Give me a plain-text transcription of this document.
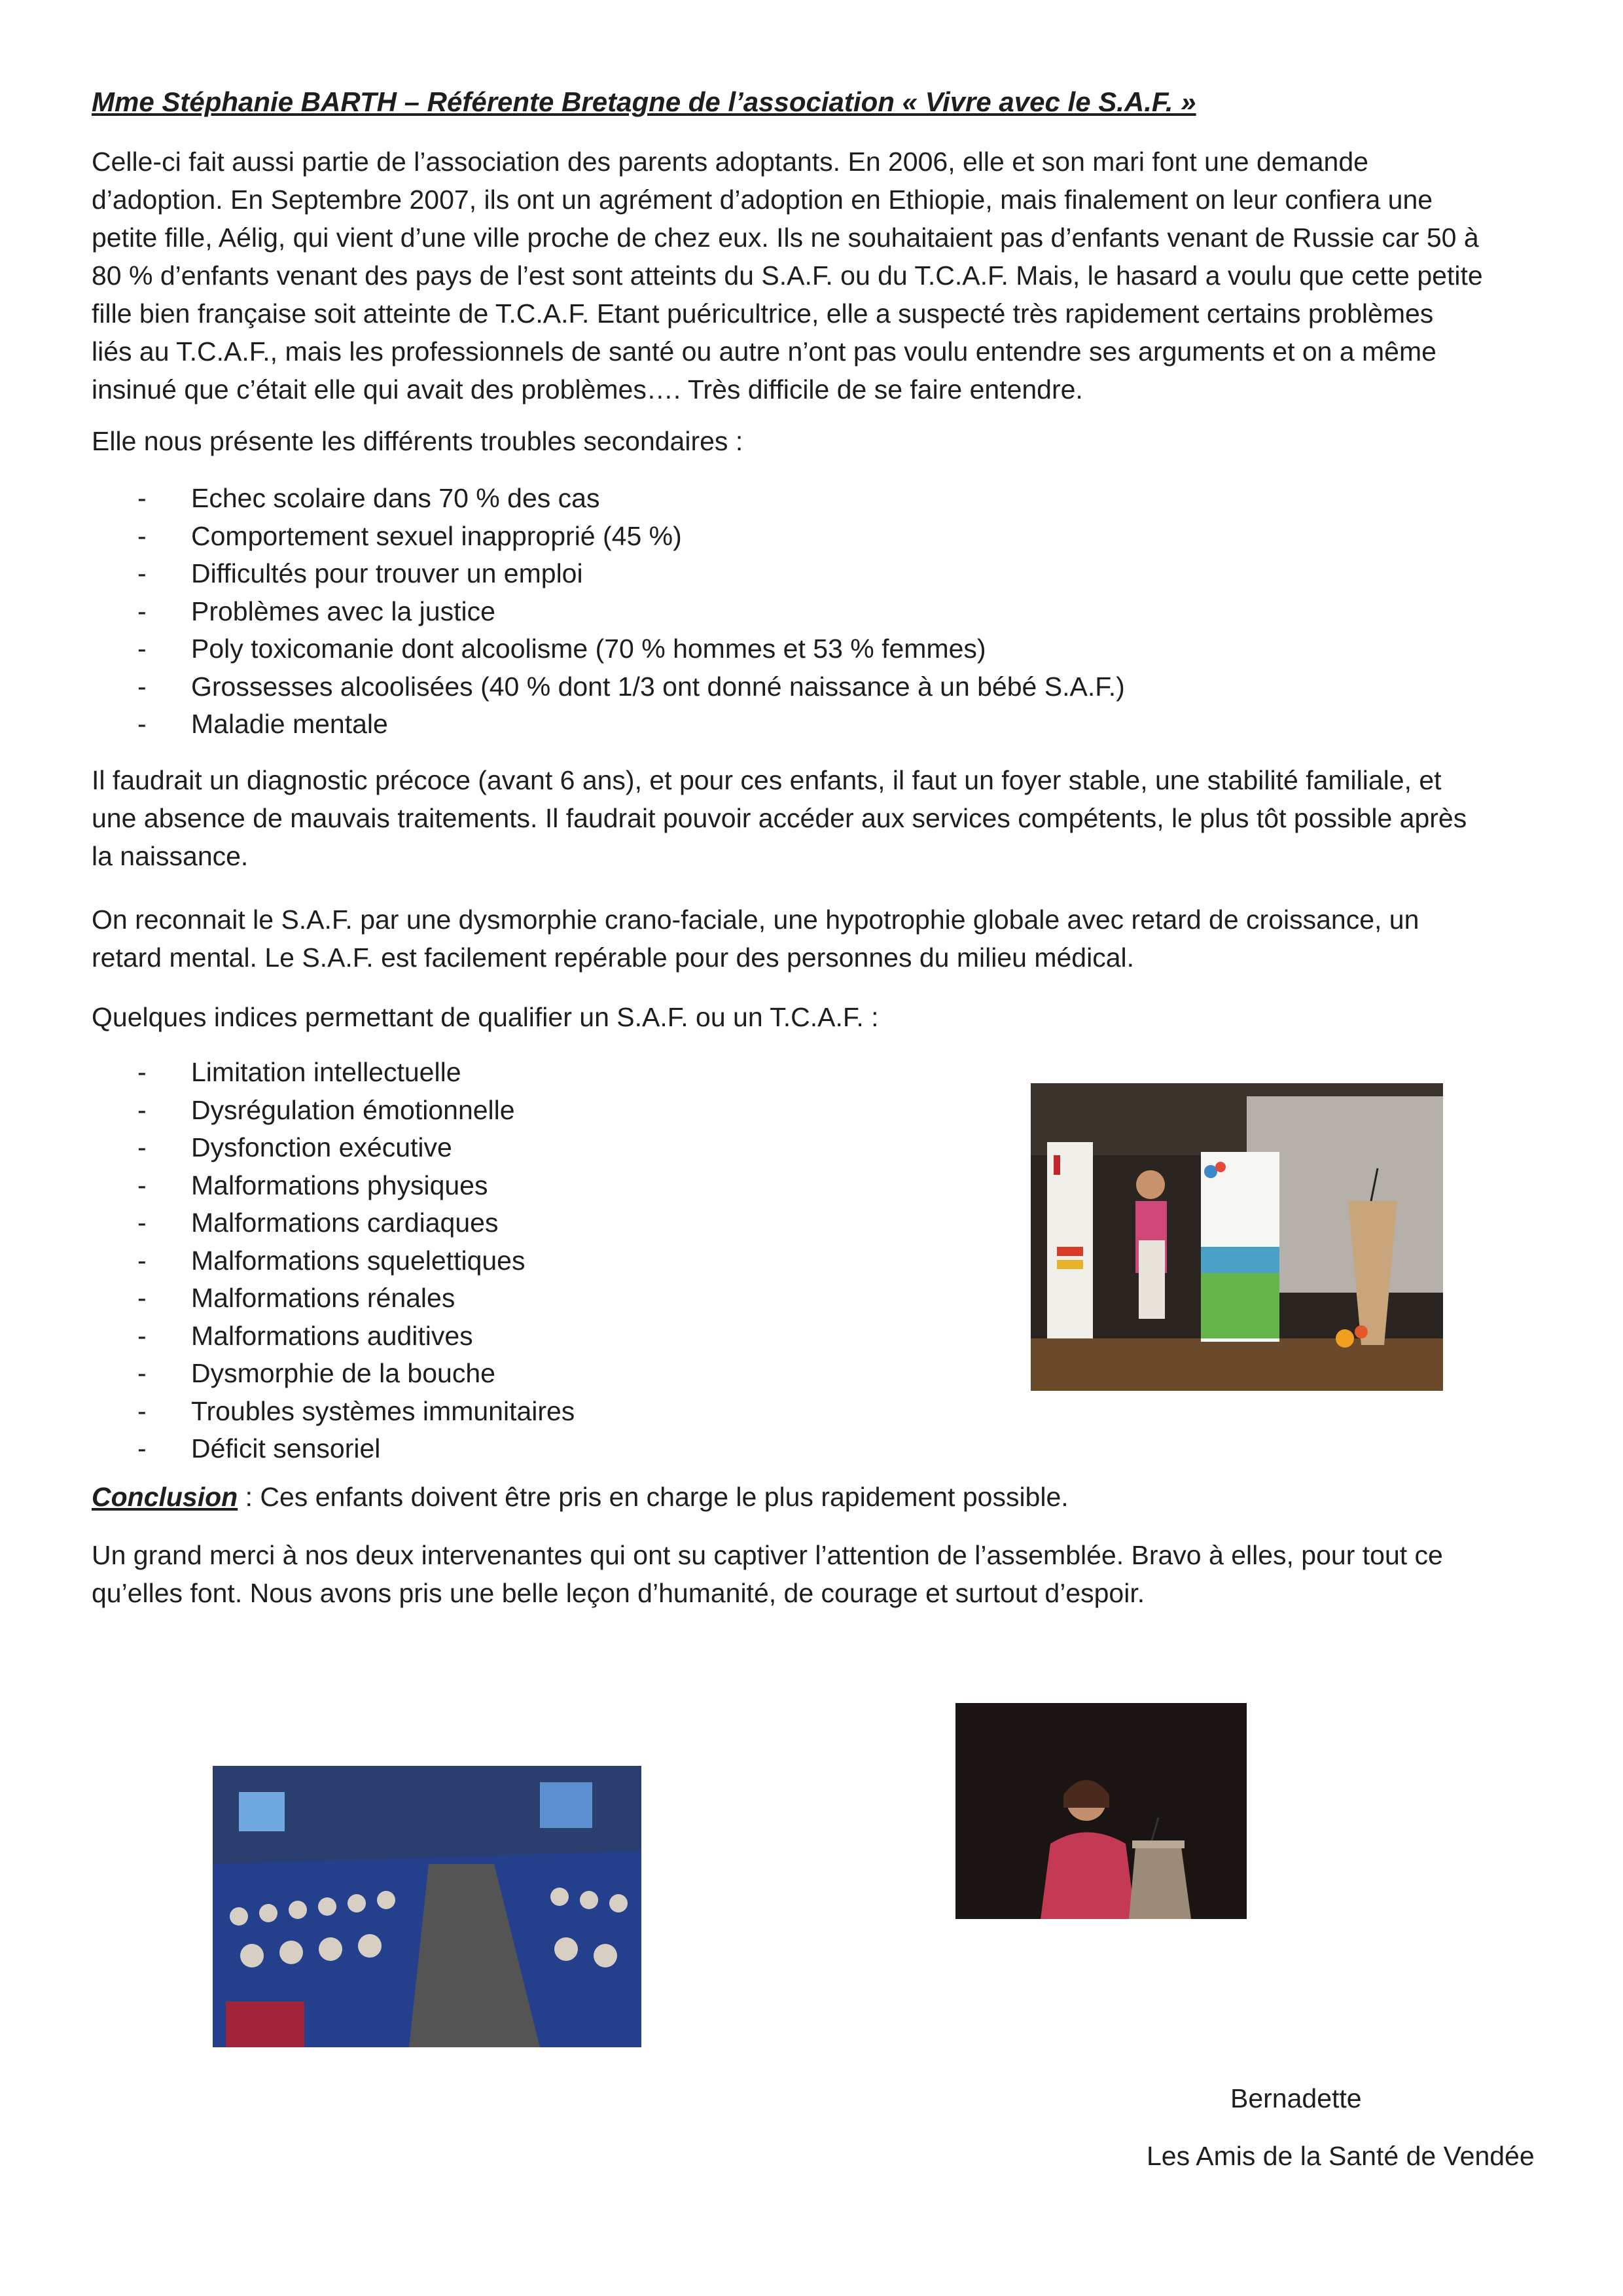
Mme Stéphanie BARTH – Référente Bretagne de l’association « Vivre avec le S.A.F. »
Celle-ci fait aussi partie de l’association des parents adoptants. En 2006, elle et son mari font une demande
d’adoption. En Septembre 2007, ils ont un agrément d’adoption en Ethiopie, mais finalement on leur confiera une
petite fille, Aélig, qui vient d’une ville proche de chez eux. Ils ne souhaitaient pas d’enfants venant de Russie car 50 à
80 % d’enfants venant des pays de l’est sont atteints du S.A.F. ou du T.C.A.F. Mais, le hasard a voulu que cette petite
fille bien française soit atteinte de T.C.A.F. Etant puéricultrice, elle a suspecté très rapidement certains problèmes
liés au T.C.A.F., mais les professionnels de santé ou autre n’ont pas voulu entendre ses arguments et on a même
insinué que c’était elle qui avait des problèmes…. Très difficile de se faire entendre.

Elle nous présente les différents troubles secondaires :

- Echec scolaire dans 70 % des cas
- Comportement sexuel inapproprié (45 %)
- Difficultés pour trouver un emploi
- Problèmes avec la justice
- Poly toxicomanie dont alcoolisme (70 % hommes et 53 % femmes)
- Grossesses alcoolisées (40 % dont 1/3 ont donné naissance à un bébé S.A.F.)
- Maladie mentale
Il faudrait un diagnostic précoce (avant 6 ans), et pour ces enfants, il faut un foyer stable, une stabilité familiale, et
une absence de mauvais traitements. Il faudrait pouvoir accéder aux services compétents, le plus tôt possible après
la naissance.
On reconnait le S.A.F. par une dysmorphie crano-faciale, une hypotrophie globale avec retard de croissance, un
retard mental. Le S.A.F. est facilement repérable pour des personnes du milieu médical.

Quelques indices permettant de qualifier un S.A.F. ou un T.C.A.F. :

- Limitation intellectuelle
- Dysrégulation émotionnelle
- Dysfonction exécutive
- Malformations physiques
- Malformations cardiaques
- Malformations squelettiques
- Malformations rénales
- Malformations auditives
- Dysmorphie de la bouche
- Troubles systèmes immunitaires
- Déficit sensoriel

Conclusion : Ces enfants doivent être pris en charge le plus rapidement possible.

Un grand merci à nos deux intervenantes qui ont su captiver l’attention de l’assemblée. Bravo à elles, pour tout ce
qu’elles font. Nous avons pris une belle leçon d’humanité, de courage et surtout d’espoir.

Bernadette

Les Amis de la Santé de Vendée
